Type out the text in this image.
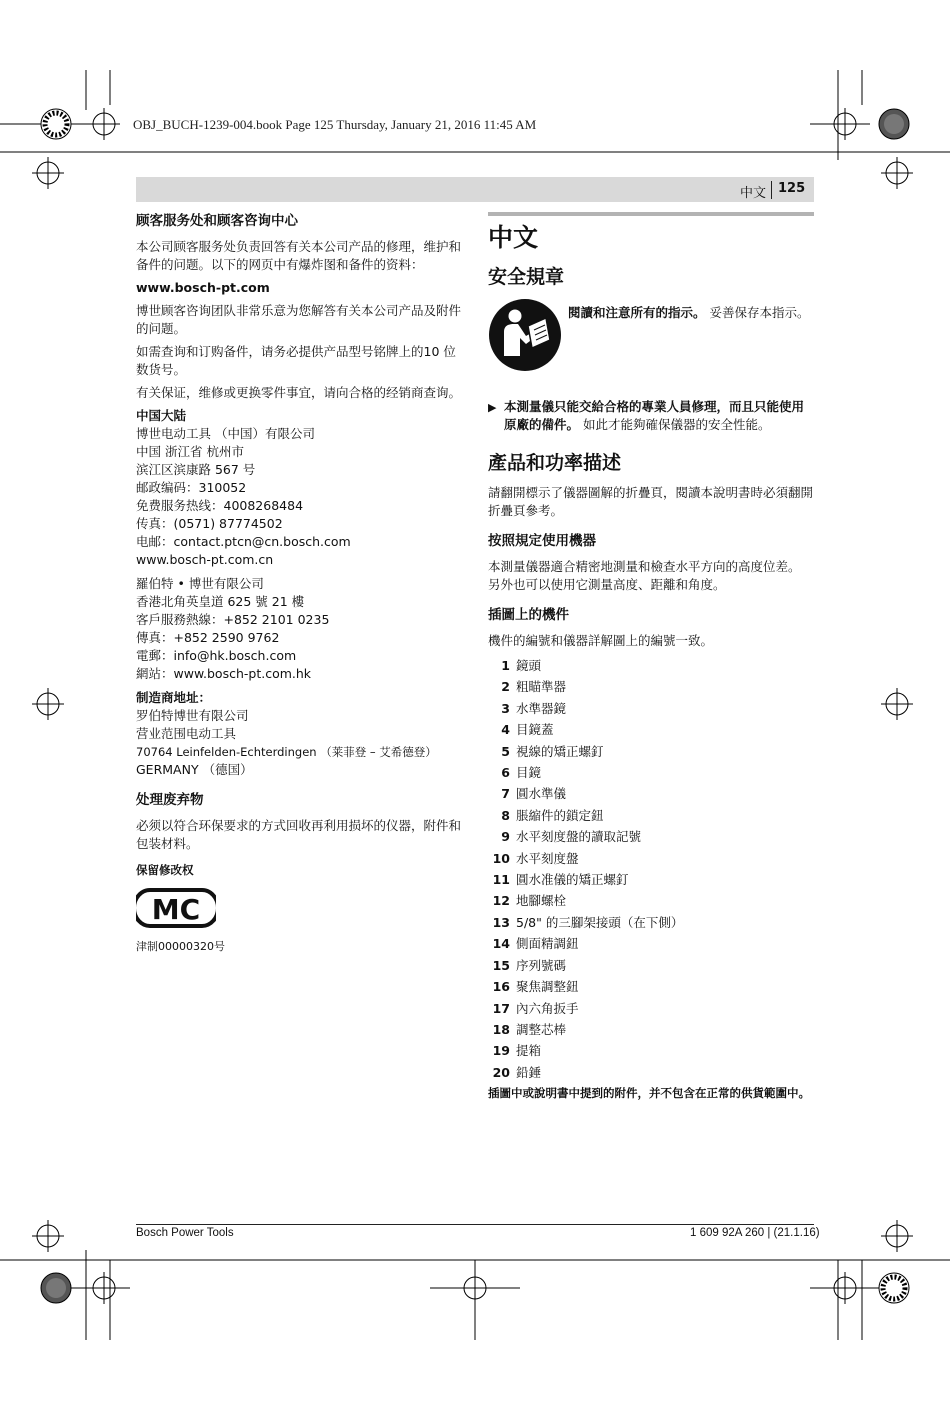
OBJ_BUCH-1239-004.book Page 125 Thursday, January 21, 2016 11:45 AM
中文 125
顾客服务处和顾客咨询中心

本公司顾客服务处负责回答有关本公司产品的修理，维护和备件的问题。以下的网页中有爆炸图和备件的资料：

www.bosch-pt.com

博世顾客咨询团队非常乐意为您解答有关本公司产品及附件的问题。

如需查询和订购备件，请务必提供产品型号铭牌上的10 位数货号。

有关保证，维修或更换零件事宜，请向合格的经销商查询。

中国大陆

博世电动工具 （中国）有限公司

中国 浙江省 杭州市

滨江区滨康路 567 号

邮政编码：310052

免费服务热线：4008268484

传真：(0571) 87774502

电邮：contact.ptcn@cn.bosch.com

www.bosch-pt.com.cn

羅伯特 • 博世有限公司

香港北角英皇道 625 號 21 樓

客戶服務熱線：+852 2101 0235

傳真：+852 2590 9762

電郵：info@hk.bosch.com

網站：www.bosch-pt.com.hk

制造商地址：

罗伯特博世有限公司

营业范围电动工具

70764 Leinfelden-Echterdingen （莱菲登 – 艾希德登）

GERMANY （德国）

处理废弃物

必须以符合环保要求的方式回收再利用损坏的仪器，附件和包装材料。

保留修改权
MC
津制00000320号
中文
安全規章
閱讀和注意所有的指示。 妥善保存本指示。
▶ 本測量儀只能交給合格的專業人員修理，而且只能使用原廠的備件。 如此才能夠確保儀器的安全性能。
產品和功率描述

請翻開標示了儀器圖解的折疊頁，閱讀本說明書時必須翻開折疊頁參考。

按照規定使用機器

本測量儀器適合精密地測量和檢查水平方向的高度位差。 另外也可以使用它測量高度、距離和角度。

插圖上的機件

機件的編號和儀器詳解圖上的編號一致。

1 鏡頭
2 粗瞄準器
3 水準器鏡
4 目鏡蓋
5 視線的矯正螺釘
6 目鏡
7 圓水準儀
8 脹縮件的鎖定鈕
9 水平刻度盤的讀取記號
10 水平刻度盤
11 圓水准儀的矯正螺釘
12 地腳螺栓
13 5/8" 的三腳架接頭（在下側）
14 側面精調鈕
15 序列號碼
16 聚焦調整鈕
17 內六角扳手
18 調整芯棒
19 提箱
20 鉛錘
插圖中或說明書中提到的附件，并不包含在正常的供貨範圍中。
Bosch Power Tools	1 609 92A 260 | (21.1.16)
